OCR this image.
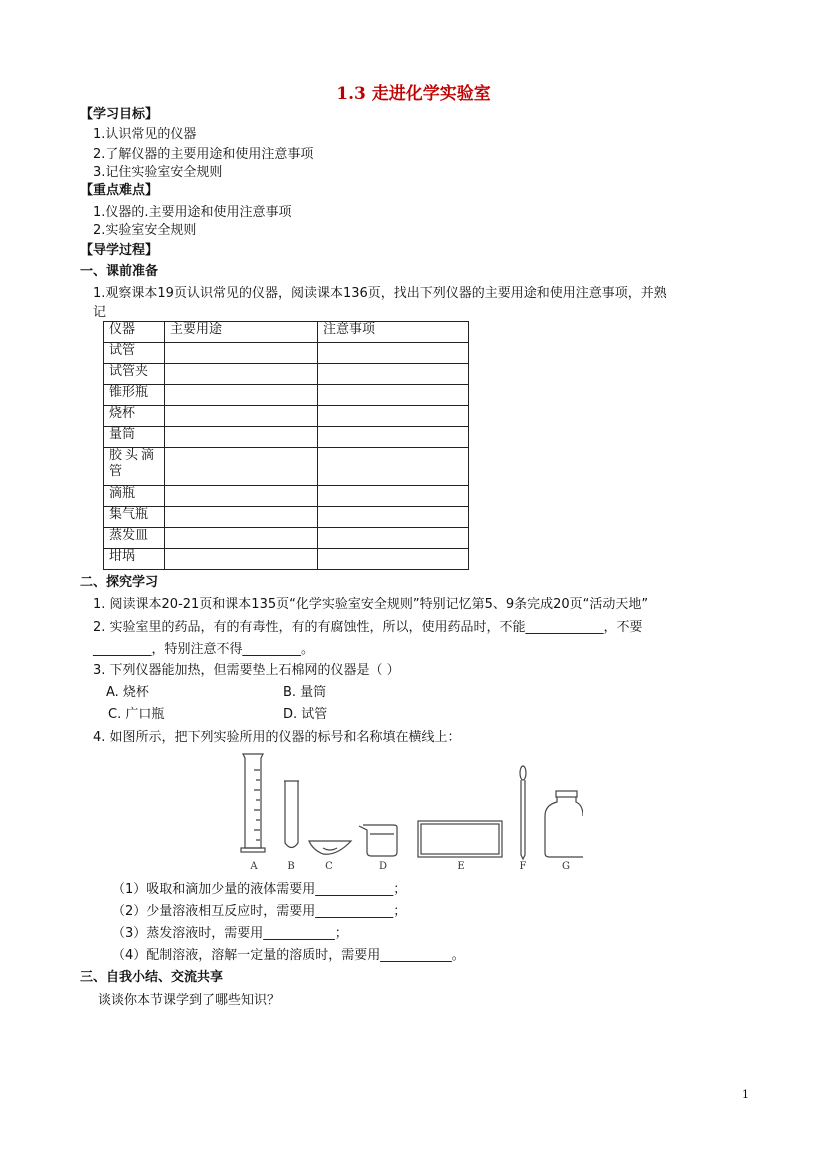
1.3 走进化学实验室
【学习目标】
1.认识常见的仪器
2.了解仪器的主要用途和使用注意事项
3.记住实验室安全规则
【重点难点】
1.仪器的.主要用途和使用注意事项
2.实验室安全规则
【导学过程】
一、课前准备
1.观察课本19页认识常见的仪器，阅读课本136页，找出下列仪器的主要用途和使用注意事项，并熟
记
仪器	主要用途	注意事项
试管		
试管夹		
锥形瓶		
烧杯		
量筒		
胶头滴管		
滴瓶		
集气瓶		
蒸发皿		
坩埚		
二、探究学习
1. 阅读课本20-21页和课本135页“化学实验室安全规则”特别记忆第5、9条完成20页“活动天地”
2. 实验室里的药品，有的有毒性，有的有腐蚀性，所以，使用药品时，不能____________，不要
_________，特别注意不得_________。
3. 下列仪器能加热，但需要垫上石棉网的仪器是（ ）
A. 烧杯	B. 量筒
C. 广口瓶	D. 试管
4. 如图所示，把下列实验所用的仪器的标号和名称填在横线上：
A	B	C	D	E	F	G
（1）吸取和滴加少量的液体需要用____________；
（2）少量溶液相互反应时，需要用____________；
（3）蒸发溶液时，需要用___________；
（4）配制溶液，溶解一定量的溶质时，需要用___________。
三、自我小结、交流共享
谈谈你本节课学到了哪些知识？
1
